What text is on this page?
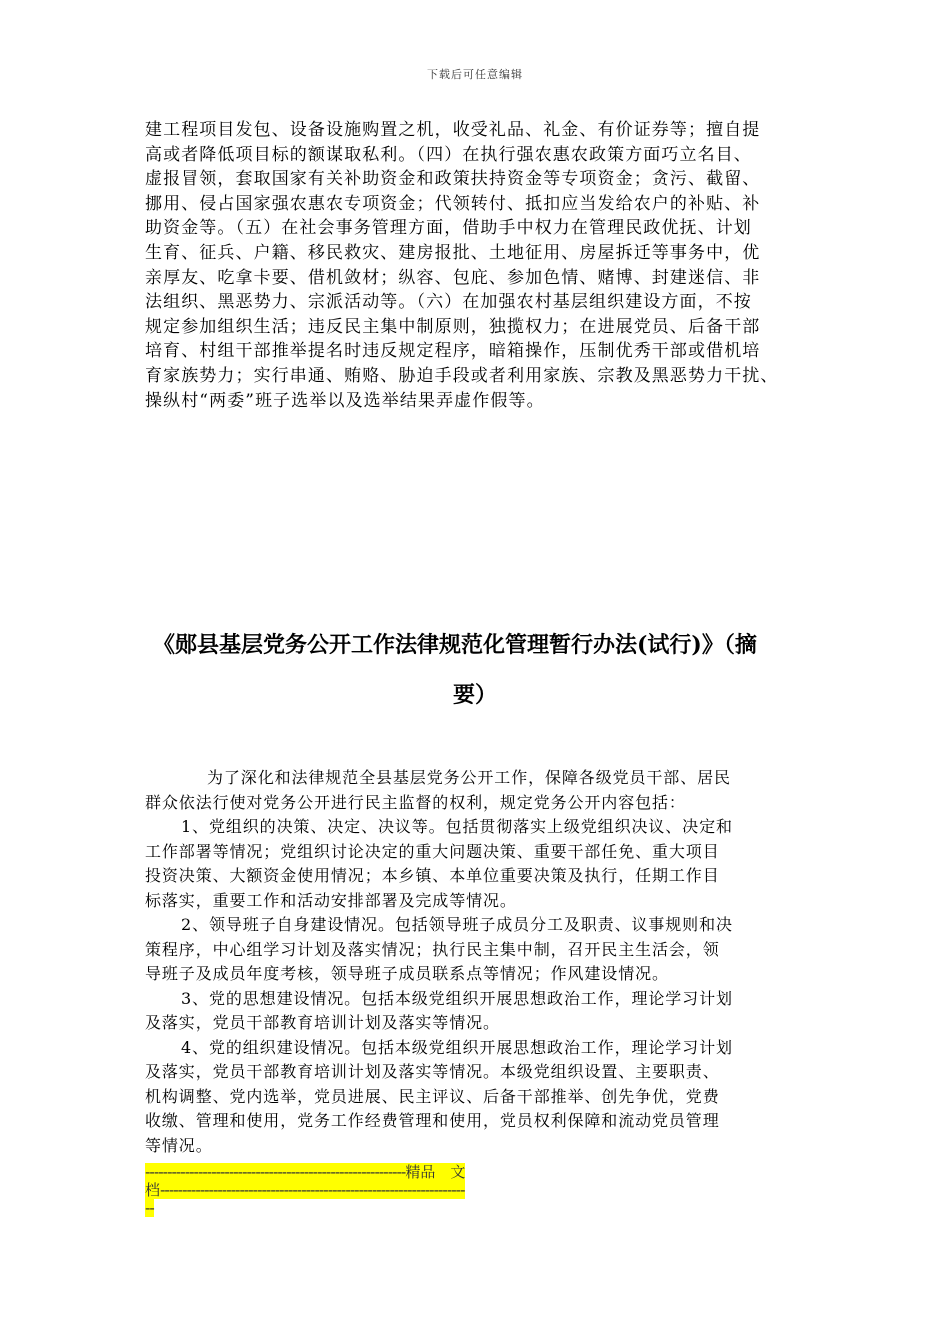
下载后可任意编辑

建工程项目发包、设备设施购置之机，收受礼品、礼金、有价证券等；擅自提

高或者降低项目标的额谋取私利。（四）在执行强农惠农政策方面巧立名目、

虚报冒领，套取国家有关补助资金和政策扶持资金等专项资金；贪污、截留、

挪用、侵占国家强农惠农专项资金；代领转付、抵扣应当发给农户的补贴、补

助资金等。（五）在社会事务管理方面，借助手中权力在管理民政优抚、计划

生育、征兵、户籍、移民救灾、建房报批、土地征用、房屋拆迁等事务中，优

亲厚友、吃拿卡要、借机敛材；纵容、包庇、参加色情、赌博、封建迷信、非

法组织、黑恶势力、宗派活动等。（六）在加强农村基层组织建设方面，不按

规定参加组织生活；违反民主集中制原则，独揽权力；在进展党员、后备干部

培育、村组干部推举提名时违反规定程序，暗箱操作，压制优秀干部或借机培

育家族势力；实行串通、贿赂、胁迫手段或者利用家族、宗教及黑恶势力干扰、

操纵村“两委”班子选举以及选举结果弄虚作假等。

《郧县基层党务公开工作法律规范化管理暂行办法(试行)》（摘
要）

为了深化和法律规范全县基层党务公开工作，保障各级党员干部、居民

群众依法行使对党务公开进行民主监督的权利，规定党务公开内容包括：

1、党组织的决策、决定、决议等。包括贯彻落实上级党组织决议、决定和

工作部署等情况；党组织讨论决定的重大问题决策、重要干部任免、重大项目

投资决策、大额资金使用情况；本乡镇、本单位重要决策及执行，任期工作目

标落实，重要工作和活动安排部署及完成等情况。

2、领导班子自身建设情况。包括领导班子成员分工及职责、议事规则和决

策程序，中心组学习计划及落实情况；执行民主集中制，召开民主生活会，领

导班子及成员年度考核，领导班子成员联系点等情况；作风建设情况。

3、党的思想建设情况。包括本级党组织开展思想政治工作，理论学习计划

及落实，党员干部教育培训计划及落实等情况。

4、党的组织建设情况。包括本级党组织开展思想政治工作，理论学习计划

及落实，党员干部教育培训计划及落实等情况。本级党组织设置、主要职责、

机构调整、党内选举，党员进展、民主评议、后备干部推举、创先争优，党费

收缴、管理和使用，党务工作经费管理和使用，党员权利保障和流动党员管理

等情况。

-----------------------------------------------------------精品　文
档---------------------------------------------------------------------
--
